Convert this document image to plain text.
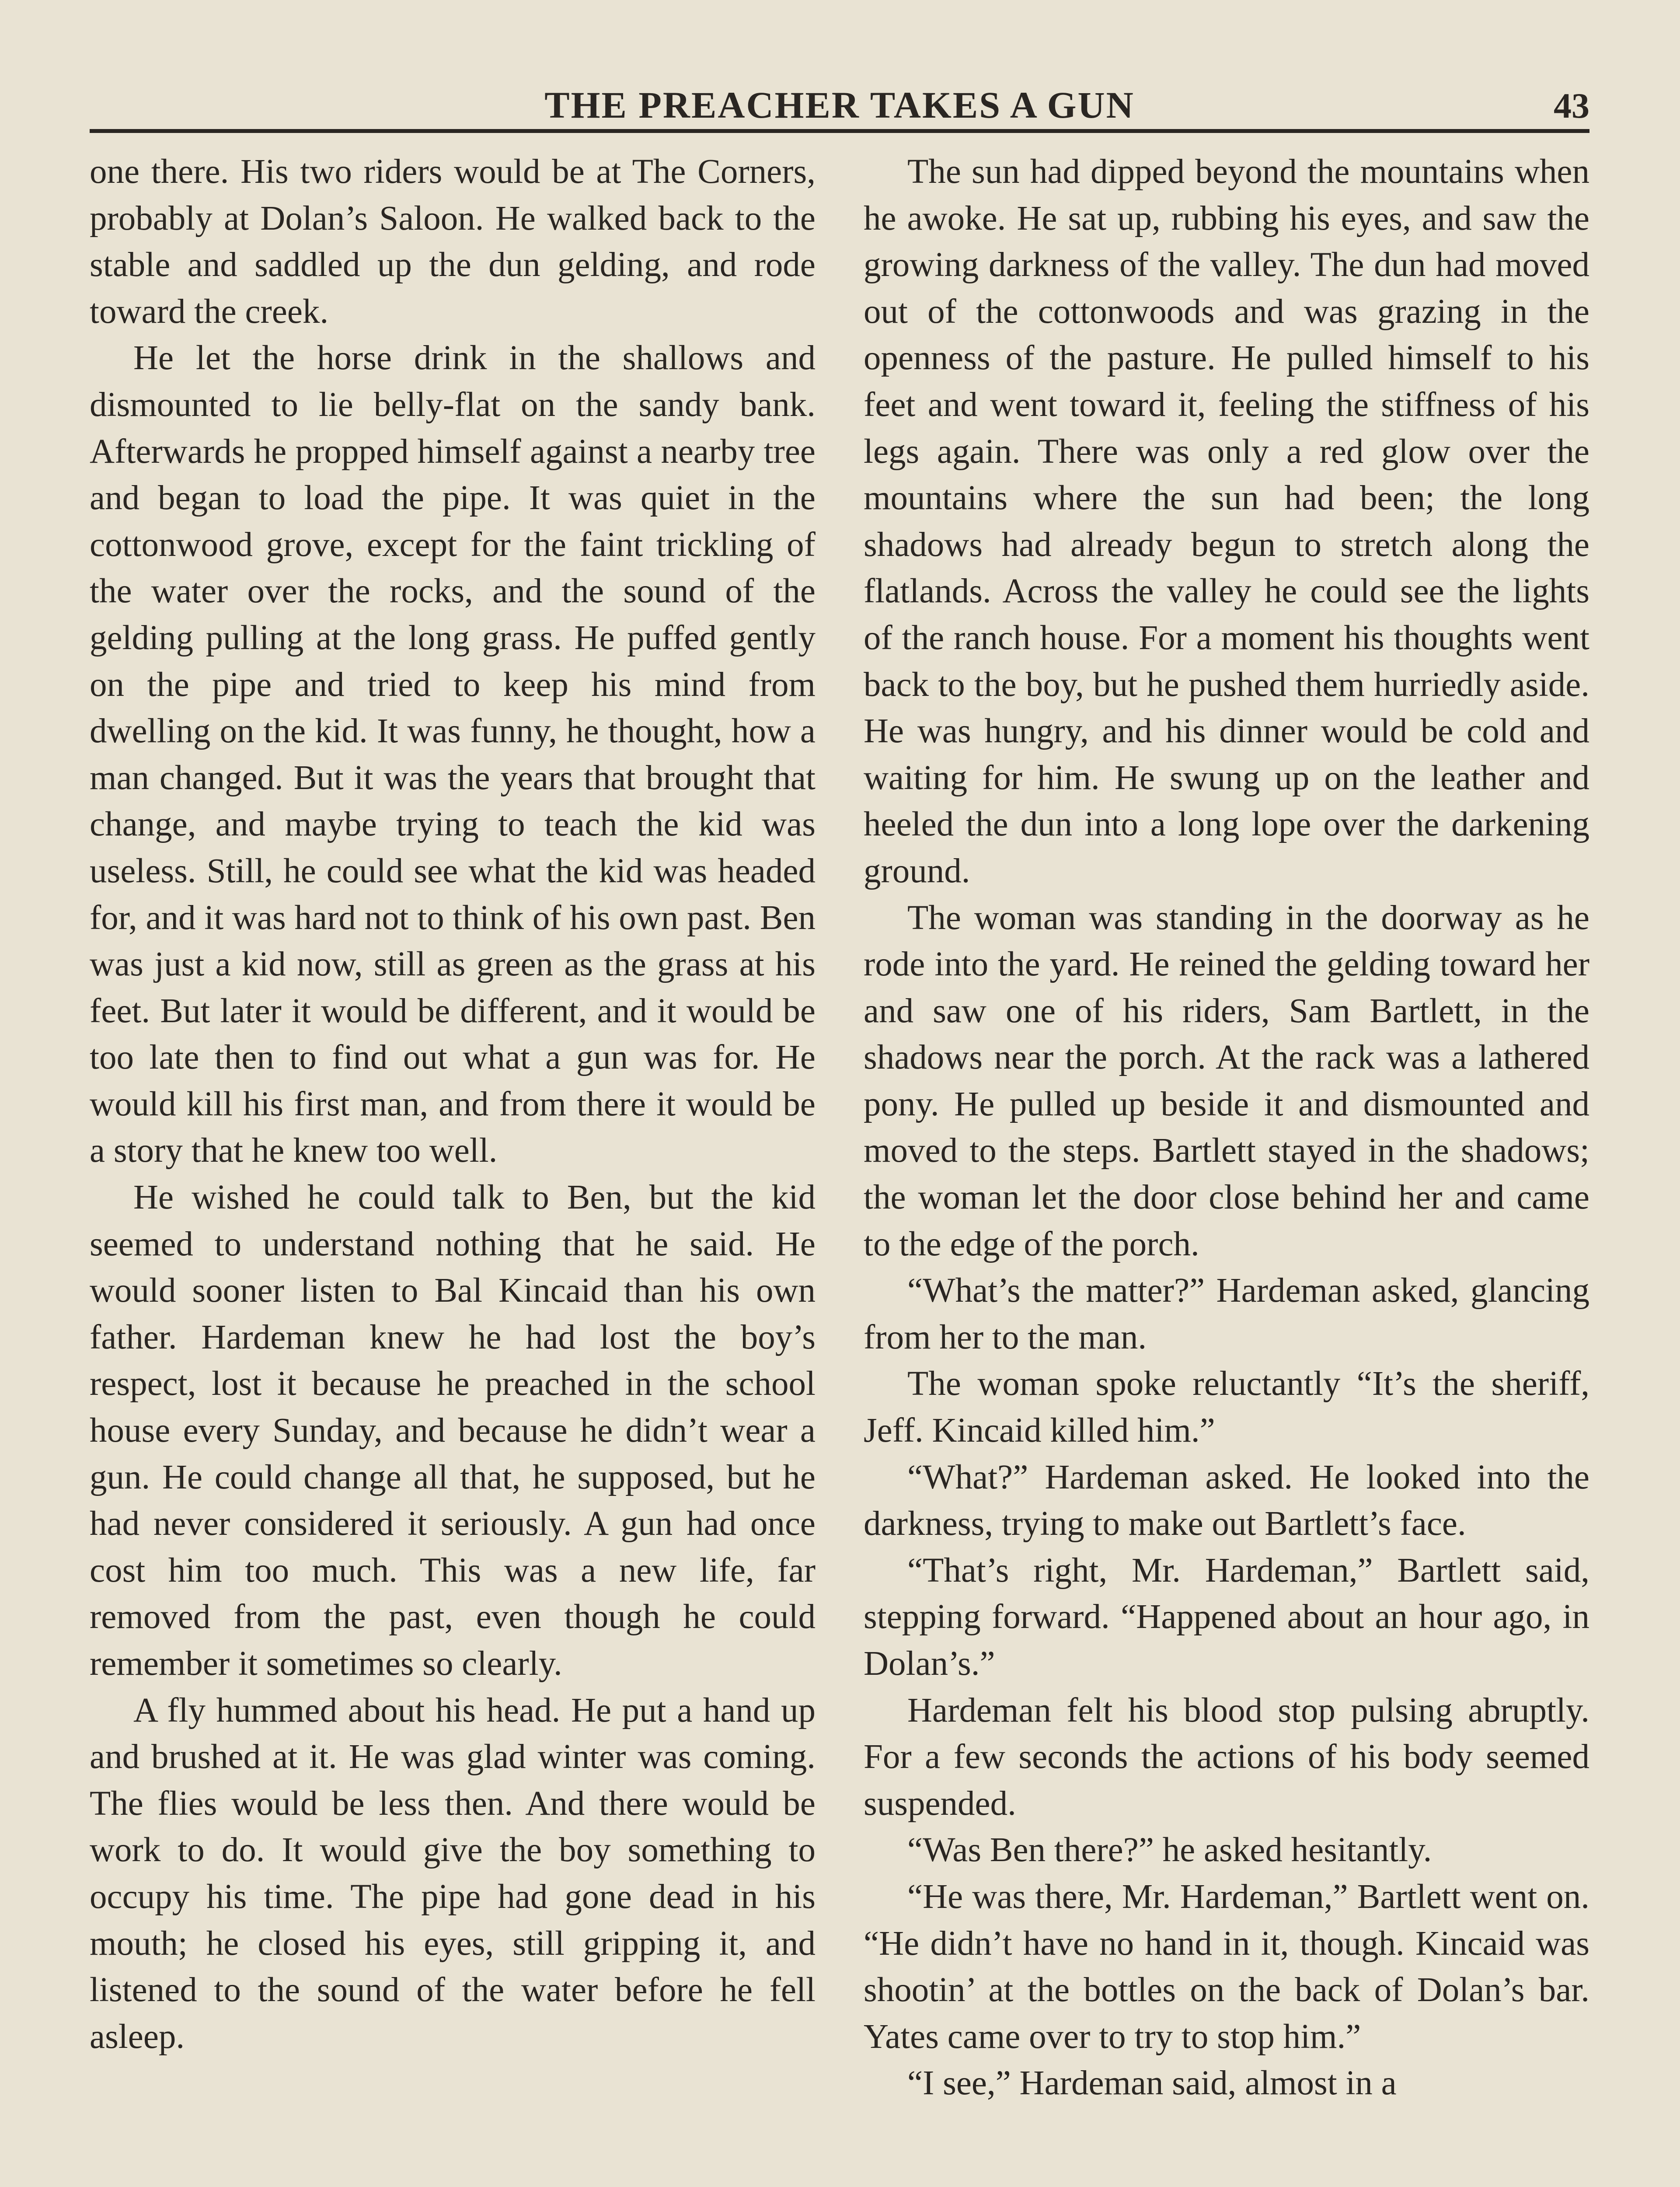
THE PREACHER TAKES A GUN	43

one there. His two riders would be at The Corners, probably at Dolan’s Saloon. He walked back to the stable and saddled up the dun gelding, and rode toward the creek.

He let the horse drink in the shallows and dismounted to lie belly-flat on the sandy bank. Afterwards he propped himself against a nearby tree and began to load the pipe. It was quiet in the cottonwood grove, except for the faint trickling of the water over the rocks, and the sound of the gelding pulling at the long grass. He puffed gently on the pipe and tried to keep his mind from dwelling on the kid. It was funny, he thought, how a man changed. But it was the years that brought that change, and maybe trying to teach the kid was useless. Still, he could see what the kid was headed for, and it was hard not to think of his own past. Ben was just a kid now, still as green as the grass at his feet. But later it would be different, and it would be too late then to find out what a gun was for. He would kill his first man, and from there it would be a story that he knew too well.

He wished he could talk to Ben, but the kid seemed to understand nothing that he said. He would sooner listen to Bal Kincaid than his own father. Hardeman knew he had lost the boy’s respect, lost it because he preached in the school house every Sunday, and because he didn’t wear a gun. He could change all that, he supposed, but he had never considered it seriously. A gun had once cost him too much. This was a new life, far removed from the past, even though he could remember it sometimes so clearly.

A fly hummed about his head. He put a hand up and brushed at it. He was glad winter was coming. The flies would be less then. And there would be work to do. It would give the boy something to occupy his time. The pipe had gone dead in his mouth; he closed his eyes, still gripping it, and listened to the sound of the water before he fell asleep.

The sun had dipped beyond the mountains when he awoke. He sat up, rubbing his eyes, and saw the growing darkness of the valley. The dun had moved out of the cottonwoods and was grazing in the openness of the pasture. He pulled himself to his feet and went toward it, feeling the stiffness of his legs again. There was only a red glow over the mountains where the sun had been; the long shadows had already begun to stretch along the flatlands. Across the valley he could see the lights of the ranch house. For a moment his thoughts went back to the boy, but he pushed them hurriedly aside. He was hungry, and his dinner would be cold and waiting for him. He swung up on the leather and heeled the dun into a long lope over the darkening ground.

The woman was standing in the doorway as he rode into the yard. He reined the gelding toward her and saw one of his riders, Sam Bartlett, in the shadows near the porch. At the rack was a lathered pony. He pulled up beside it and dismounted and moved to the steps. Bartlett stayed in the shadows; the woman let the door close behind her and came to the edge of the porch.

“What’s the matter?” Hardeman asked, glancing from her to the man.

The woman spoke reluctantly “It’s the sheriff, Jeff. Kincaid killed him.”

“What?” Hardeman asked. He looked into the darkness, trying to make out Bartlett’s face.

“That’s right, Mr. Hardeman,” Bartlett said, stepping forward. “Happened about an hour ago, in Dolan’s.”

Hardeman felt his blood stop pulsing abruptly. For a few seconds the actions of his body seemed suspended.

“Was Ben there?” he asked hesitantly.

“He was there, Mr. Hardeman,” Bartlett went on. “He didn’t have no hand in it, though. Kincaid was shootin’ at the bottles on the back of Dolan’s bar. Yates came over to try to stop him.”

“I see,” Hardeman said, almost in a
